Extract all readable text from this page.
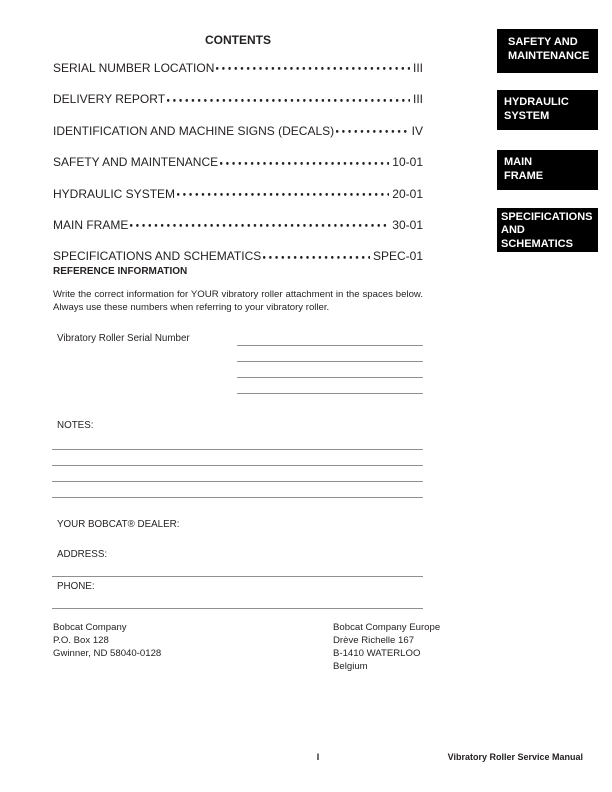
CONTENTS
SERIAL NUMBER LOCATION	III
DELIVERY REPORT	III
IDENTIFICATION AND MACHINE SIGNS (DECALS)	IV
SAFETY AND MAINTENANCE	10-01
HYDRAULIC SYSTEM	20-01
MAIN FRAME	30-01
SPECIFICATIONS AND SCHEMATICS	SPEC-01
SAFETY AND
MAINTENANCE
HYDRAULIC
SYSTEM
MAIN
FRAME
SPECIFICATIONS
AND
SCHEMATICS
REFERENCE INFORMATION
Write the correct information for YOUR vibratory roller attachment in the spaces below. Always use these numbers when referring to your vibratory roller.
Vibratory Roller Serial Number
NOTES:
YOUR BOBCAT® DEALER:
ADDRESS:
PHONE:
Bobcat Company
P.O. Box 128
Gwinner, ND 58040-0128
Bobcat Company Europe
Drève Richelle 167
B-1410 WATERLOO
Belgium
I	Vibratory Roller Service Manual
